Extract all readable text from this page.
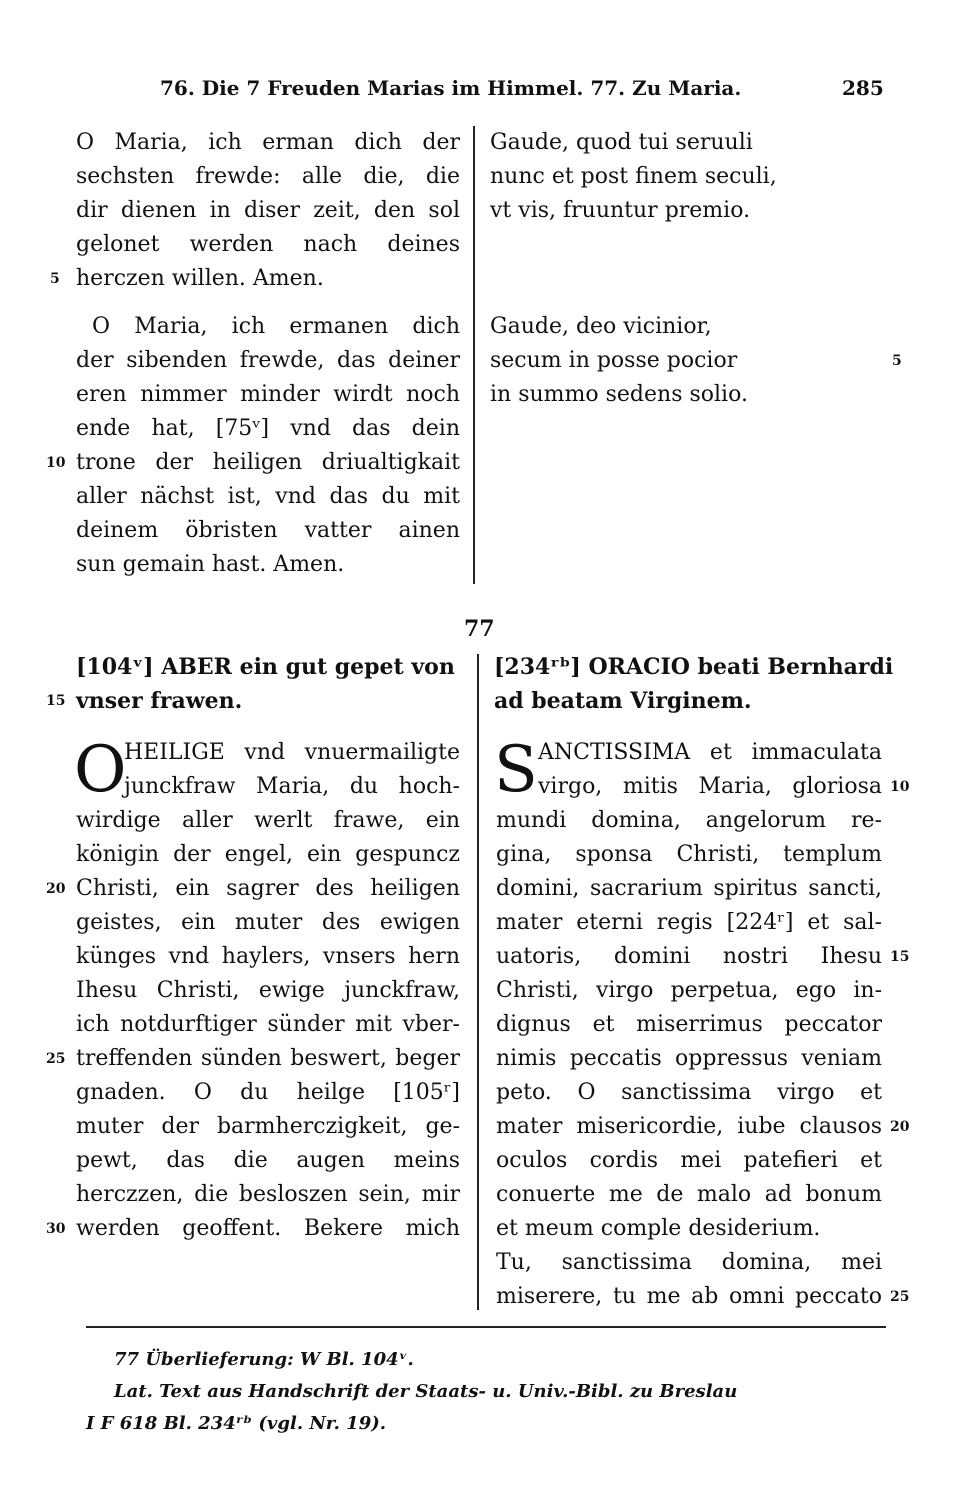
76. Die 7 Freuden Marias im Himmel. 77. Zu Maria.	285
O Maria, ich erman dich der
sechsten frewde: alle die, die
dir dienen in diser zeit, den sol
gelonet werden nach deines
herczen willen. Amen.
O Maria, ich ermanen dich
der sibenden frewde, das deiner
eren nimmer minder wirdt noch
ende hat, [75ᵛ] vnd das dein
trone der heiligen driualtigkait
aller nächst ist, vnd das du mit
deinem öbristen vatter ainen
sun gemain hast. Amen.
5
10
Gaude, quod tui seruuli
nunc et post finem seculi,
vt vis, fruuntur premio.
Gaude, deo vicinior,
secum in posse pocior
in summo sedens solio.
5
77
[104ᵛ] ABER ein gut gepet von
vnser frawen.
O
HEILIGE vnd vnuermailigte
junckfraw Maria, du hoch-
wirdige aller werlt frawe, ein
königin der engel, ein gespuncz
Christi, ein sagrer des heiligen
geistes, ein muter des ewigen
künges vnd haylers, vnsers hern
Ihesu Christi, ewige junckfraw,
ich notdurftiger sünder mit vber-
treffenden sünden beswert, beger
gnaden. O du heilge [105ʳ]
muter der barmherczigkeit, ge-
pewt, das die augen meins
herczzen, die besloszen sein, mir
werden geoffent. Bekere mich
15
20
25
30
[234ʳᵇ] ORACIO beati Bernhardi
ad beatam Virginem.
S ANCTISSIMA et immaculata
virgo, mitis Maria, gloriosa
mundi domina, angelorum re-
gina, sponsa Christi, templum
domini, sacrarium spiritus sancti,
mater eterni regis [224ʳ] et sal-
uatoris, domini nostri Ihesu
Christi, virgo perpetua, ego in-
dignus et miserrimus peccator
nimis peccatis oppressus veniam
peto. O sanctissima virgo et
mater misericordie, iube clausos
oculos cordis mei patefieri et
conuerte me de malo ad bonum
et meum comple desiderium.
Tu, sanctissima domina, mei
miserere, tu me ab omni peccato
10
15
20
25
77 Überlieferung: W Bl. 104ᵛ.
Lat. Text aus Handschrift der Staats- u. Univ.-Bibl. zu Breslau
I F 618 Bl. 234ʳᵇ (vgl. Nr. 19).
